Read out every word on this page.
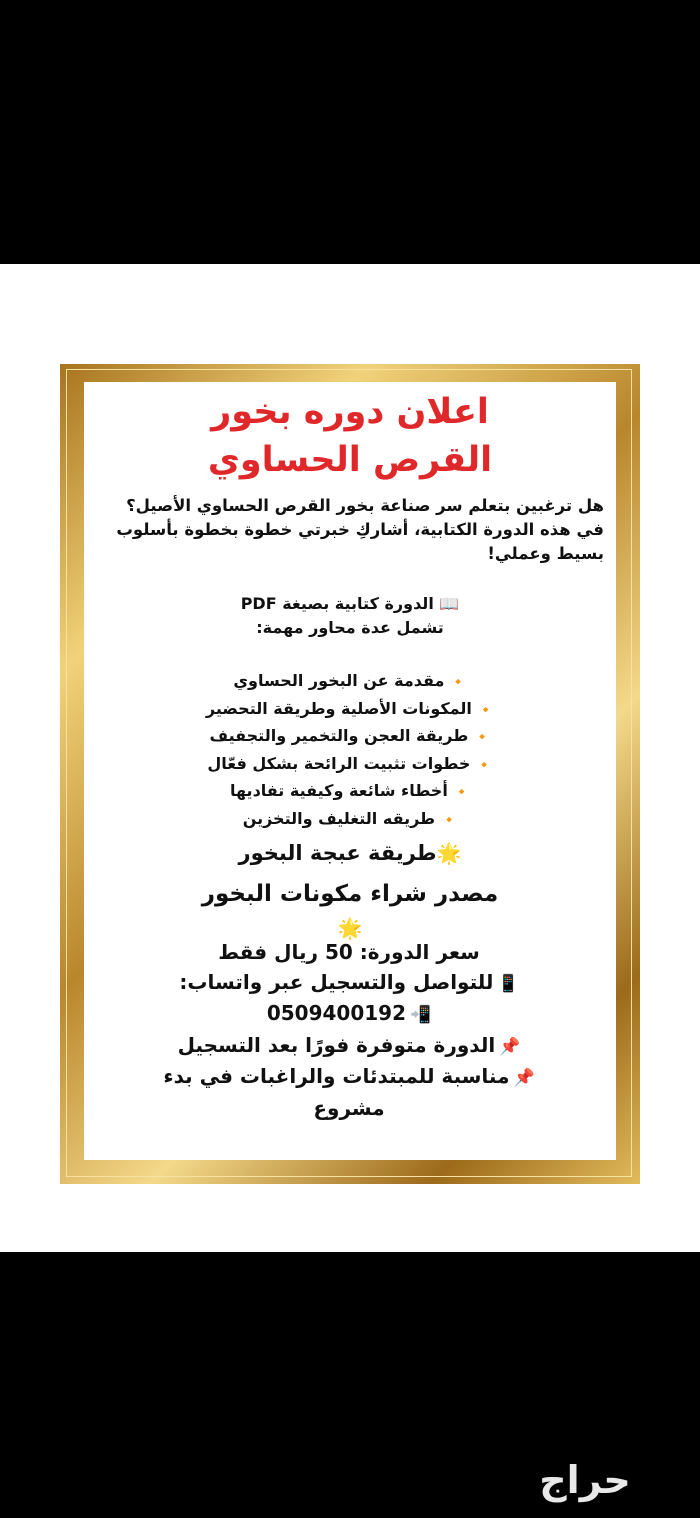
اعلان دوره بخور
القرص الحساوي
هل ترغبين بتعلم سر صناعة بخور القرص الحساوي الأصيل؟
في هذه الدورة الكتابية، أشاركِ خبرتي خطوة بخطوة بأسلوب
بسيط وعملي!
📖 الدورة كتابية بصيغة PDF
تشمل عدة محاور مهمة:
🔸مقدمة عن البخور الحساوي
🔸المكونات الأصلية وطريقة التحضير
🔸طريقة العجن والتخمير والتجفيف
🔸خطوات تثبيت الرائحة بشكل فعّال
🔸أخطاء شائعة وكيفية تفاديها
🔸طريقه التغليف والتخزين
🌟طريقة عبجة البخور
مصدر شراء مكونات البخور
🌟
سعر الدورة: 50 ريال فقط
📱للتواصل والتسجيل عبر واتساب:
📲0509400192
📌الدورة متوفرة فورًا بعد التسجيل
📌مناسبة للمبتدئات والراغبات في بدء مشروع
حراج
